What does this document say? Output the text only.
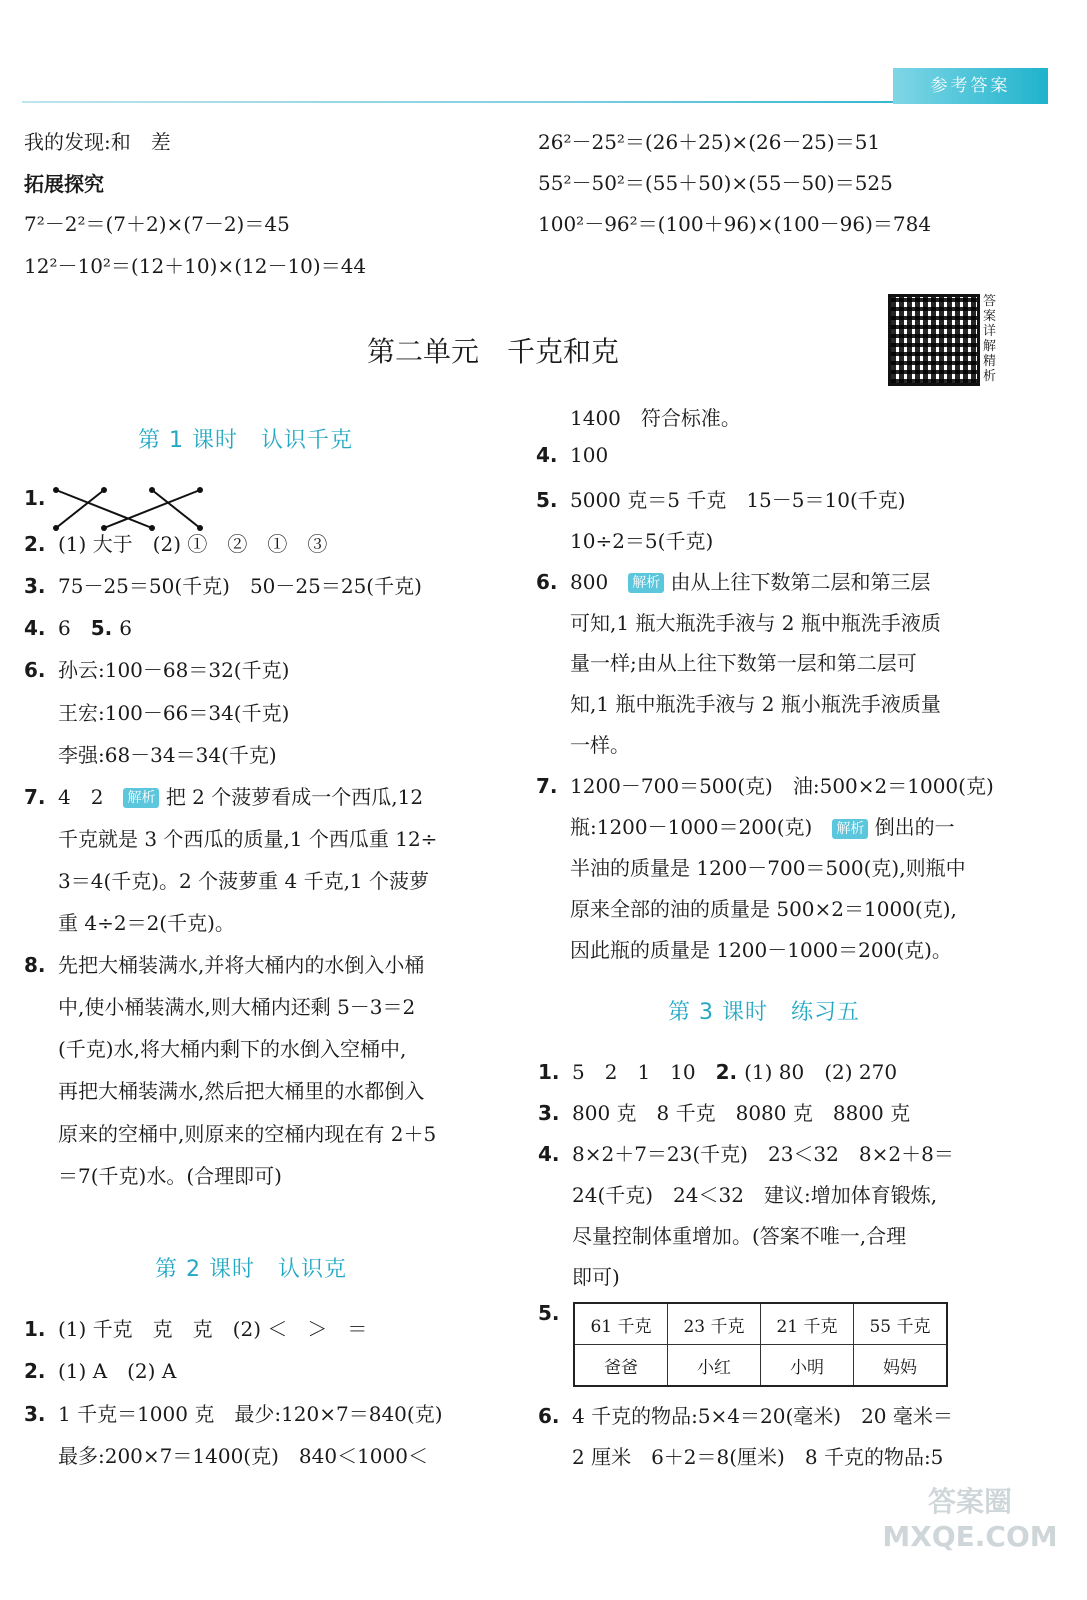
参考答案
我的发现:和　差
拓展探究
7²－2²＝(7＋2)×(7－2)＝45
12²－10²＝(12＋10)×(12－10)＝44
26²－25²＝(26＋25)×(26－25)＝51
55²－50²＝(55＋50)×(55－50)＝525
100²－96²＝(100＋96)×(100－96)＝784
第二单元　千克和克
答案详解精析
第 1 课时　认识千克
1.
2. (1) 大于　(2) ①　②　①　③
3. 75－25＝50(千克)　50－25＝25(千克)
4. 6　5. 6
6. 孙云:100－68＝32(千克)
王宏:100－66＝34(千克)
李强:68－34＝34(千克)
7. 4　2　解析 把 2 个菠萝看成一个西瓜,12
千克就是 3 个西瓜的质量,1 个西瓜重 12÷
3＝4(千克)。2 个菠萝重 4 千克,1 个菠萝
重 4÷2＝2(千克)。
8. 先把大桶装满水,并将大桶内的水倒入小桶
中,使小桶装满水,则大桶内还剩 5－3＝2
(千克)水,将大桶内剩下的水倒入空桶中,
再把大桶装满水,然后把大桶里的水都倒入
原来的空桶中,则原来的空桶内现在有 2＋5
＝7(千克)水。(合理即可)
第 2 课时　认识克
1. (1) 千克　克　克　(2) ＜　＞　＝
2. (1) A　(2) A
3. 1 千克＝1000 克　最少:120×7＝840(克)
最多:200×7＝1400(克)　840＜1000＜
1400　符合标准。
4. 100
5. 5000 克＝5 千克　15－5＝10(千克)
10÷2＝5(千克)
6. 800　解析 由从上往下数第二层和第三层
可知,1 瓶大瓶洗手液与 2 瓶中瓶洗手液质
量一样;由从上往下数第一层和第二层可
知,1 瓶中瓶洗手液与 2 瓶小瓶洗手液质量
一样。
7. 1200－700＝500(克)　油:500×2＝1000(克)
瓶:1200－1000＝200(克)　解析 倒出的一
半油的质量是 1200－700＝500(克),则瓶中
原来全部的油的质量是 500×2＝1000(克),
因此瓶的质量是 1200－1000＝200(克)。
第 3 课时　练习五
1. 5　2　1　10　2. (1) 80　(2) 270
3. 800 克　8 千克　8080 克　8800 克
4. 8×2＋7＝23(千克)　23＜32　8×2＋8＝
24(千克)　24＜32　建议:增加体育锻炼,
尽量控制体重增加。(答案不唯一,合理
即可)
5.
61 千克	23 千克	21 千克	55 千克
爸爸	小红	小明	妈妈
6. 4 千克的物品:5×4＝20(毫米)　20 毫米＝
2 厘米　6＋2＝8(厘米)　8 千克的物品:5
答案圈 MXQE.COM
